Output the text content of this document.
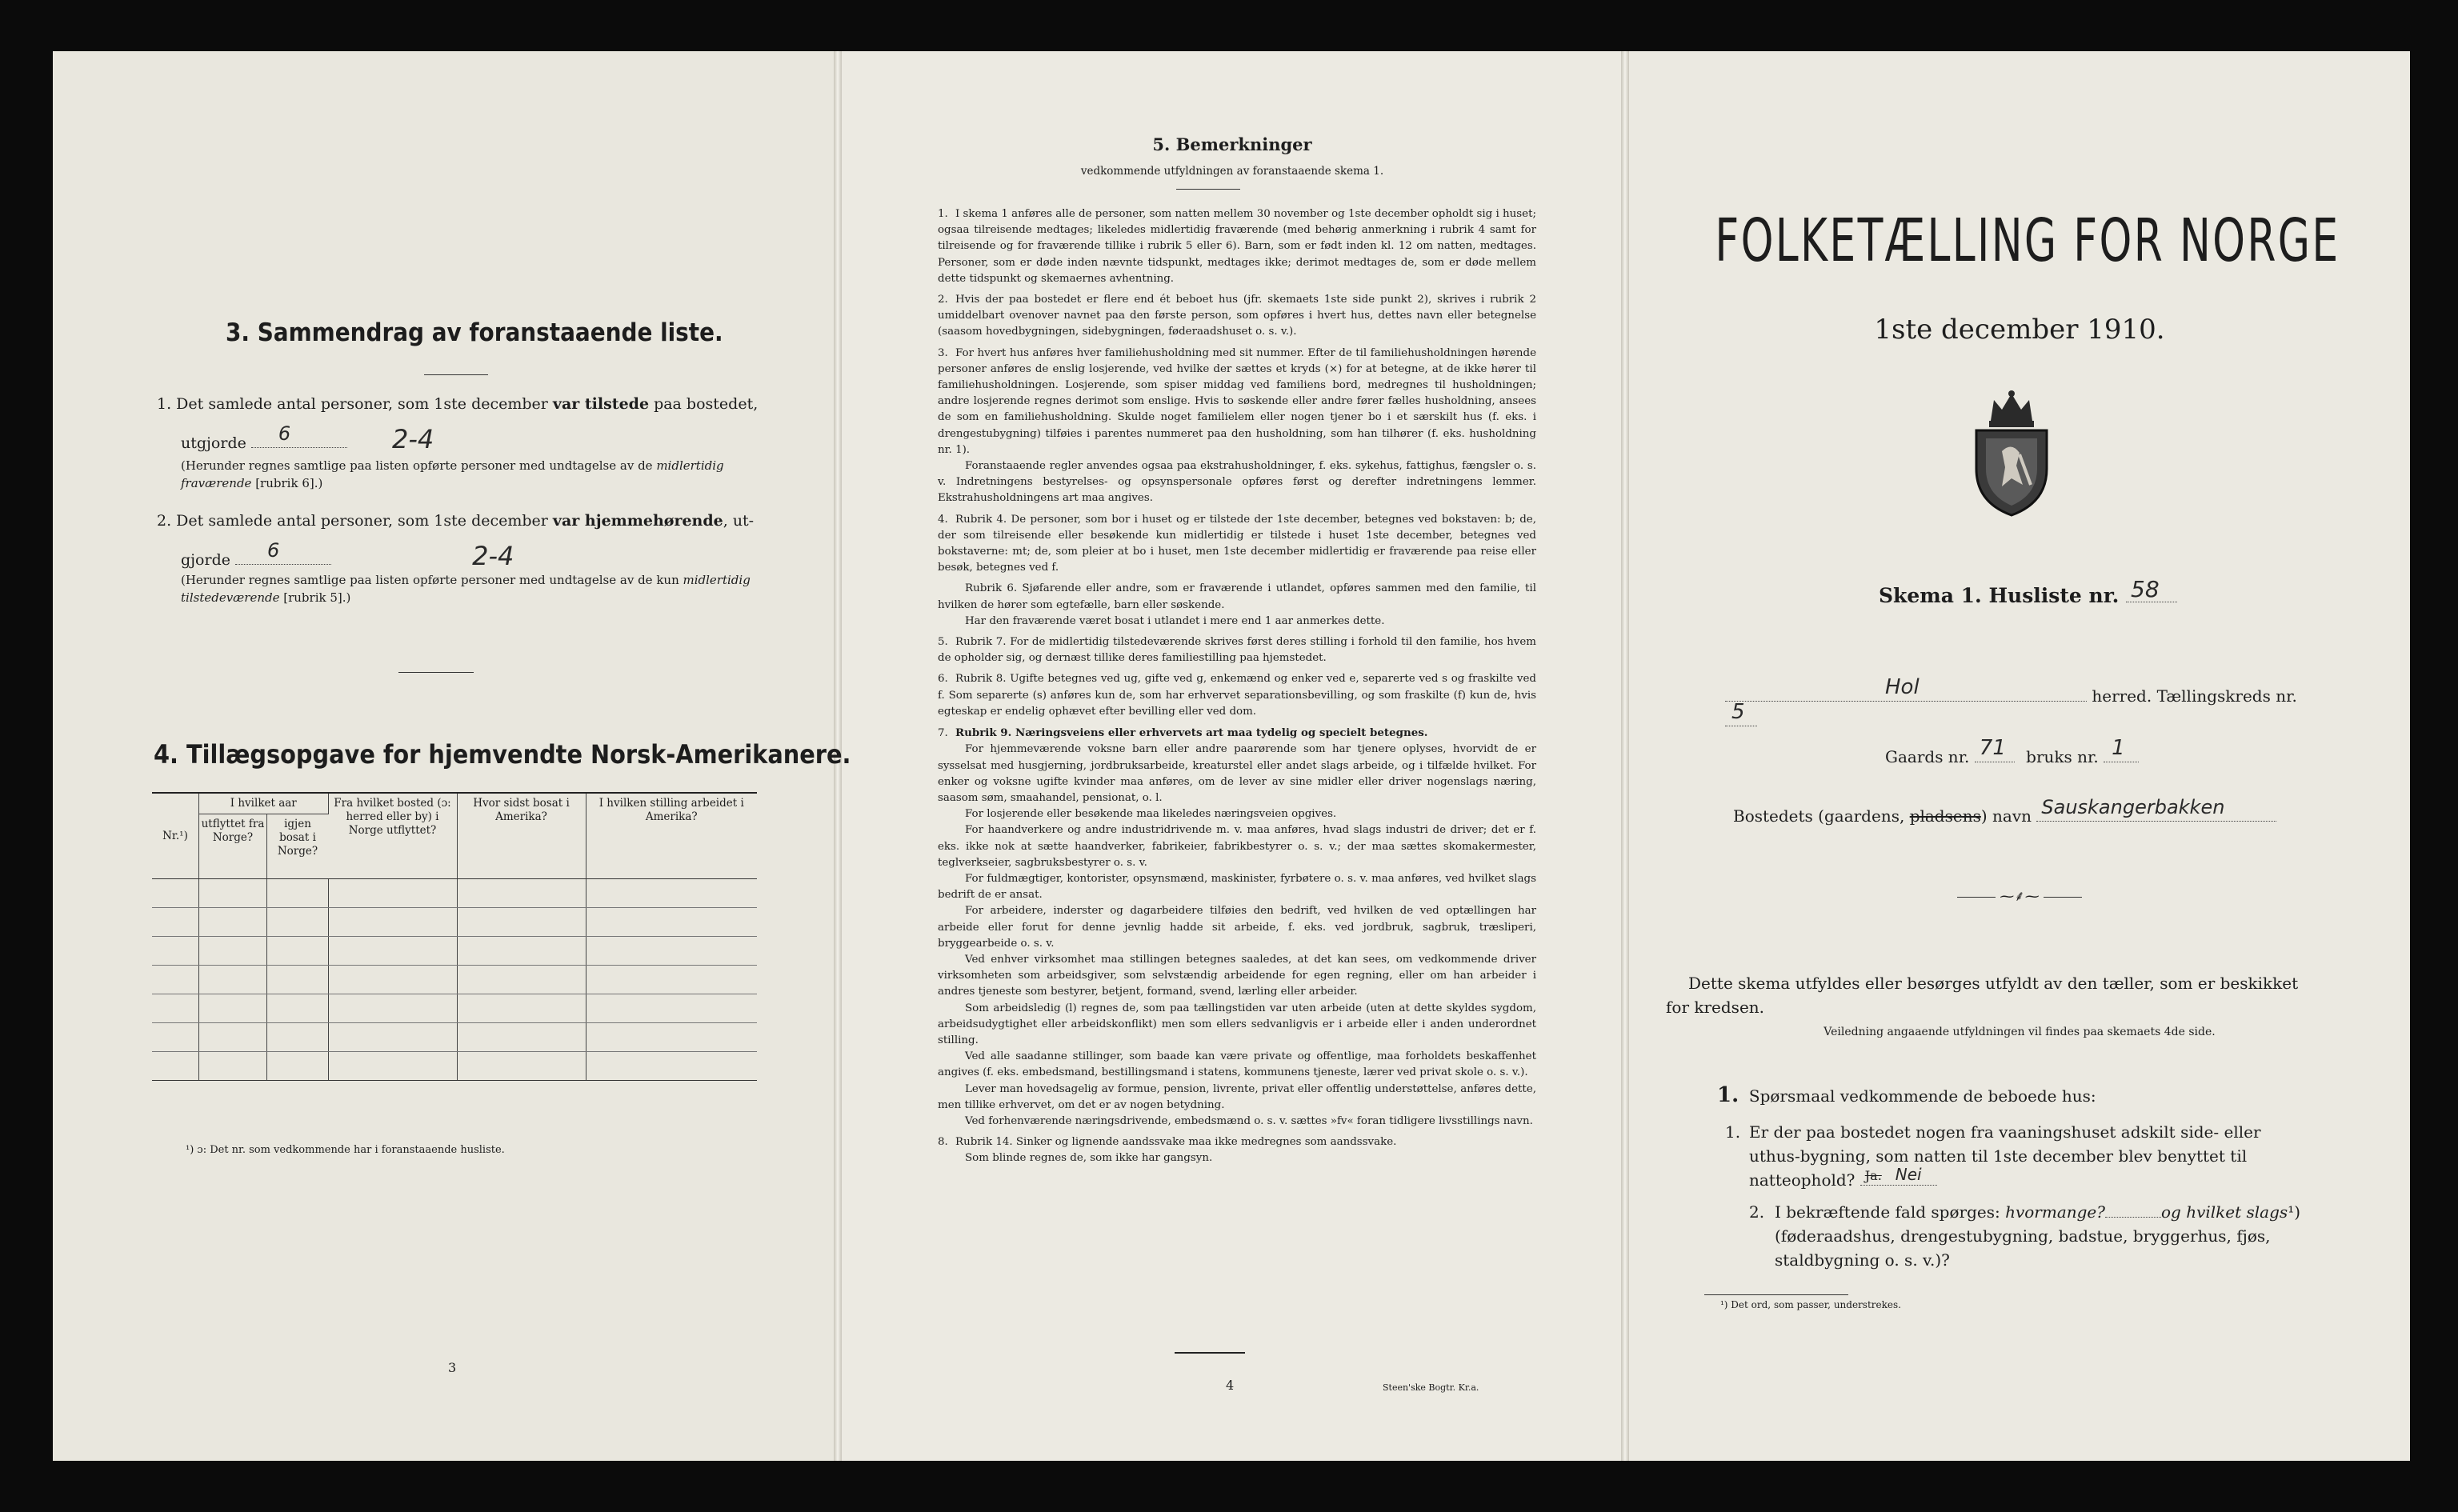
3. Sammendrag av foranstaaende liste.
1. Det samlede antal personer, som 1ste december var tilstede paa bostedet,
utgjorde 6	2-4
(Herunder regnes samtlige paa listen opførte personer med undtagelse av de midlertidig fraværende [rubrik 6].)
2. Det samlede antal personer, som 1ste december var hjemmehørende, ut-
gjorde 6	2-4
(Herunder regnes samtlige paa listen opførte personer med undtagelse av de kun midlertidig tilstedeværende [rubrik 5].)
4. Tillægsopgave for hjemvendte Norsk-Amerikanere.
Nr.¹)	I hvilket aar		Fra hvilket bosted (ɔ: herred eller by) i Norge utflyttet?	Hvor sidst bosat i Amerika?	I hvilken stilling arbeidet i Amerika?
	utflyttet fra Norge?	igjen bosat i Norge?			

¹) ɔ: Det nr. som vedkommende har i foranstaaende husliste.
3
5. Bemerkninger
vedkommende utfyldningen av foranstaaende skema 1.

1. I skema 1 anføres alle de personer, som natten mellem 30 november og 1ste december opholdt sig i huset; ogsaa tilreisende medtages; likeledes midlertidig fraværende (med behørig anmerkning i rubrik 4 samt for tilreisende og for fraværende tillike i rubrik 5 eller 6). Barn, som er født inden kl. 12 om natten, medtages. Personer, som er døde inden nævnte tidspunkt, medtages ikke; derimot medtages de, som er døde mellem dette tidspunkt og skemaernes avhentning.

2. Hvis der paa bostedet er flere end ét beboet hus (jfr. skemaets 1ste side punkt 2), skrives i rubrik 2 umiddelbart ovenover navnet paa den første person, som opføres i hvert hus, dettes navn eller betegnelse (saasom hovedbygningen, sidebygningen, føderaadshuset o. s. v.).

3. For hvert hus anføres hver familiehusholdning med sit nummer. Efter de til familiehusholdningen hørende personer anføres de enslig losjerende, ved hvilke der sættes et kryds (×) for at betegne, at de ikke hører til familiehusholdningen. Losjerende, som spiser middag ved familiens bord, medregnes til husholdningen; andre losjerende regnes derimot som enslige. Hvis to søskende eller andre fører fælles husholdning, ansees de som en familiehusholdning. Skulde noget familielem eller nogen tjener bo i et særskilt hus (f. eks. i drengestubygning) tilføies i parentes nummeret paa den husholdning, som han tilhører (f. eks. husholdning nr. 1).

Foranstaaende regler anvendes ogsaa paa ekstrahusholdninger, f. eks. sykehus, fattighus, fængsler o. s. v. Indretningens bestyrelses- og opsynspersonale opføres først og derefter indretningens lemmer. Ekstrahusholdningens art maa angives.

4. Rubrik 4. De personer, som bor i huset og er tilstede der 1ste december, betegnes ved bokstaven: b; de, der som tilreisende eller besøkende kun midlertidig er tilstede i huset 1ste december, betegnes ved bokstaverne: mt; de, som pleier at bo i huset, men 1ste december midlertidig er fraværende paa reise eller besøk, betegnes ved f.

Rubrik 6. Sjøfarende eller andre, som er fraværende i utlandet, opføres sammen med den familie, til hvilken de hører som egtefælle, barn eller søskende.

Har den fraværende været bosat i utlandet i mere end 1 aar anmerkes dette.

5. Rubrik 7. For de midlertidig tilstedeværende skrives først deres stilling i forhold til den familie, hos hvem de opholder sig, og dernæst tillike deres familiestilling paa hjemstedet.

6. Rubrik 8. Ugifte betegnes ved ug, gifte ved g, enkemænd og enker ved e, separerte ved s og fraskilte ved f. Som separerte (s) anføres kun de, som har erhvervet separationsbevilling, og som fraskilte (f) kun de, hvis egteskap er endelig ophævet efter bevilling eller ved dom.

7. Rubrik 9. Næringsveiens eller erhvervets art maa tydelig og specielt betegnes.

For hjemmeværende voksne barn eller andre paarørende som har tjenere oplyses, hvorvidt de er sysselsat med husgjerning, jordbruksarbeide, kreaturstel eller andet slags arbeide, og i tilfælde hvilket. For enker og voksne ugifte kvinder maa anføres, om de lever av sine midler eller driver nogenslags næring, saasom søm, smaahandel, pensionat, o. l.

For losjerende eller besøkende maa likeledes næringsveien opgives.

For haandverkere og andre industridrivende m. v. maa anføres, hvad slags industri de driver; det er f. eks. ikke nok at sætte haandverker, fabrikeier, fabrikbestyrer o. s. v.; der maa sættes skomakermester, teglverkseier, sagbruksbestyrer o. s. v.

For fuldmægtiger, kontorister, opsynsmænd, maskinister, fyrbøtere o. s. v. maa anføres, ved hvilket slags bedrift de er ansat.

For arbeidere, inderster og dagarbeidere tilføies den bedrift, ved hvilken de ved optællingen har arbeide eller forut for denne jevnlig hadde sit arbeide, f. eks. ved jordbruk, sagbruk, træsliperi, bryggearbeide o. s. v.

Ved enhver virksomhet maa stillingen betegnes saaledes, at det kan sees, om vedkommende driver virksomheten som arbeidsgiver, som selvstændig arbeidende for egen regning, eller om han arbeider i andres tjeneste som bestyrer, betjent, formand, svend, lærling eller arbeider.

Som arbeidsledig (l) regnes de, som paa tællingstiden var uten arbeide (uten at dette skyldes sygdom, arbeidsudygtighet eller arbeidskonflikt) men som ellers sedvanligvis er i arbeide eller i anden underordnet stilling.

Ved alle saadanne stillinger, som baade kan være private og offentlige, maa forholdets beskaffenhet angives (f. eks. embedsmand, bestillingsmand i statens, kommunens tjeneste, lærer ved privat skole o. s. v.).

Lever man hovedsagelig av formue, pension, livrente, privat eller offentlig understøttelse, anføres dette, men tillike erhvervet, om det er av nogen betydning.

Ved forhenværende næringsdrivende, embedsmænd o. s. v. sættes »fv« foran tidligere livsstillings navn.

8. Rubrik 14. Sinker og lignende aandssvake maa ikke medregnes som aandssvake.

Som blinde regnes de, som ikke har gangsyn.

4	Steen'ske Bogtr. Kr.a.
FOLKETÆLLING FOR NORGE
1ste december 1910.
Skema 1. Husliste nr. 58
Hol	herred. Tællingskreds nr.
5
Gaards nr. 71 bruks nr. 1
Bostedets (gaardens, pladsens) navn Sauskangerbakken
⁓⸙⁓
Dette skema utfyldes eller besørges utfyldt av den tæller, som er beskikket for kredsen.
Veiledning angaaende utfyldningen vil findes paa skemaets 4de side.
1. Spørsmaal vedkommende de beboede hus:
1. Er der paa bostedet nogen fra vaaningshuset adskilt side- eller uthus-bygning, som natten til 1ste december blev benyttet til natteophold? Ja. Nei
2. I bekræftende fald spørges: hvormange?	og hvilket slags¹) (føderaadshus, drengestubygning, badstue, bryggerhus, fjøs, staldbygning o. s. v.)?
¹) Det ord, som passer, understrekes.
